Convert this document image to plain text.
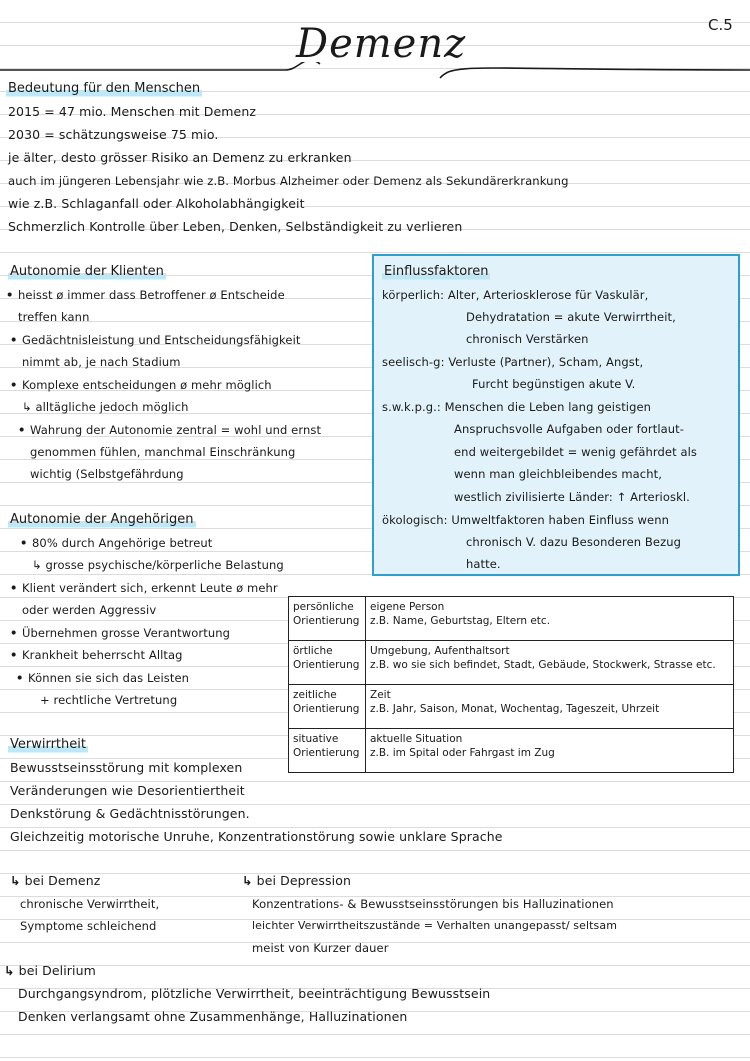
C.5
Demenz
Bedeutung für den Menschen
2015 = 47 mio. Menschen mit Demenz
2030 = schätzungsweise 75 mio.
je älter, desto grösser Risiko an Demenz zu erkranken
auch im jüngeren Lebensjahr wie z.B. Morbus Alzheimer oder Demenz als Sekundärerkrankung
wie z.B. Schlaganfall oder Alkoholabhängigkeit
Schmerzlich Kontrolle über Leben, Denken, Selbständigkeit zu verlieren
Autonomie der Klienten
• heisst ø immer dass Betroffener ø Entscheide
treffen kann
• Gedächtnisleistung und Entscheidungsfähigkeit
nimmt ab, je nach Stadium
• Komplexe entscheidungen ø mehr möglich
↳ alltägliche jedoch möglich
• Wahrung der Autonomie zentral = wohl und ernst
genommen fühlen, manchmal Einschränkung
wichtig (Selbstgefährdung
Einflussfaktoren
körperlich: Alter, Arteriosklerose für Vaskulär,
Dehydratation = akute Verwirrtheit,
chronisch Verstärken
seelisch-g: Verluste (Partner), Scham, Angst,
Furcht begünstigen akute V.
s.w.k.p.g.: Menschen die Leben lang geistigen
Anspruchsvolle Aufgaben oder fortlaut-
end weitergebildet = wenig gefährdet als
wenn man gleichbleibendes macht,
westlich zivilisierte Länder: ↑ Arterioskl.
ökologisch: Umweltfaktoren haben Einfluss wenn
chronisch V. dazu Besonderen Bezug
hatte.
Autonomie der Angehörigen
• 80% durch Angehörige betreut
↳ grosse psychische/körperliche Belastung
• Klient verändert sich, erkennt Leute ø mehr
oder werden Aggressiv
• Übernehmen grosse Verantwortung
• Krankheit beherrscht Alltag
• Können sie sich das Leisten
+ rechtliche Vertretung
persönliche
Orientierung	eigene Person
z.B. Name, Geburtstag, Eltern etc.
örtliche
Orientierung	Umgebung, Aufenthaltsort
z.B. wo sie sich befindet, Stadt, Gebäude, Stockwerk, Strasse etc.
zeitliche
Orientierung	Zeit
z.B. Jahr, Saison, Monat, Wochentag, Tageszeit, Uhrzeit
situative
Orientierung	aktuelle Situation
z.B. im Spital oder Fahrgast im Zug
Verwirrtheit
Bewusstseinsstörung mit komplexen
Veränderungen wie Desorientiertheit
Denkstörung & Gedächtnisstörungen.
Gleichzeitig motorische Unruhe, Konzentrationstörung sowie unklare Sprache
↳ bei Demenz
chronische Verwirrtheit,
Symptome schleichend
↳ bei Depression
Konzentrations- & Bewusstseinsstörungen bis Halluzinationen
leichter Verwirrtheitszustände = Verhalten unangepasst/ seltsam
meist von Kurzer dauer
↳ bei Delirium
Durchgangsyndrom, plötzliche Verwirrtheit, beeinträchtigung Bewusstsein
Denken verlangsamt ohne Zusammenhänge, Halluzinationen
